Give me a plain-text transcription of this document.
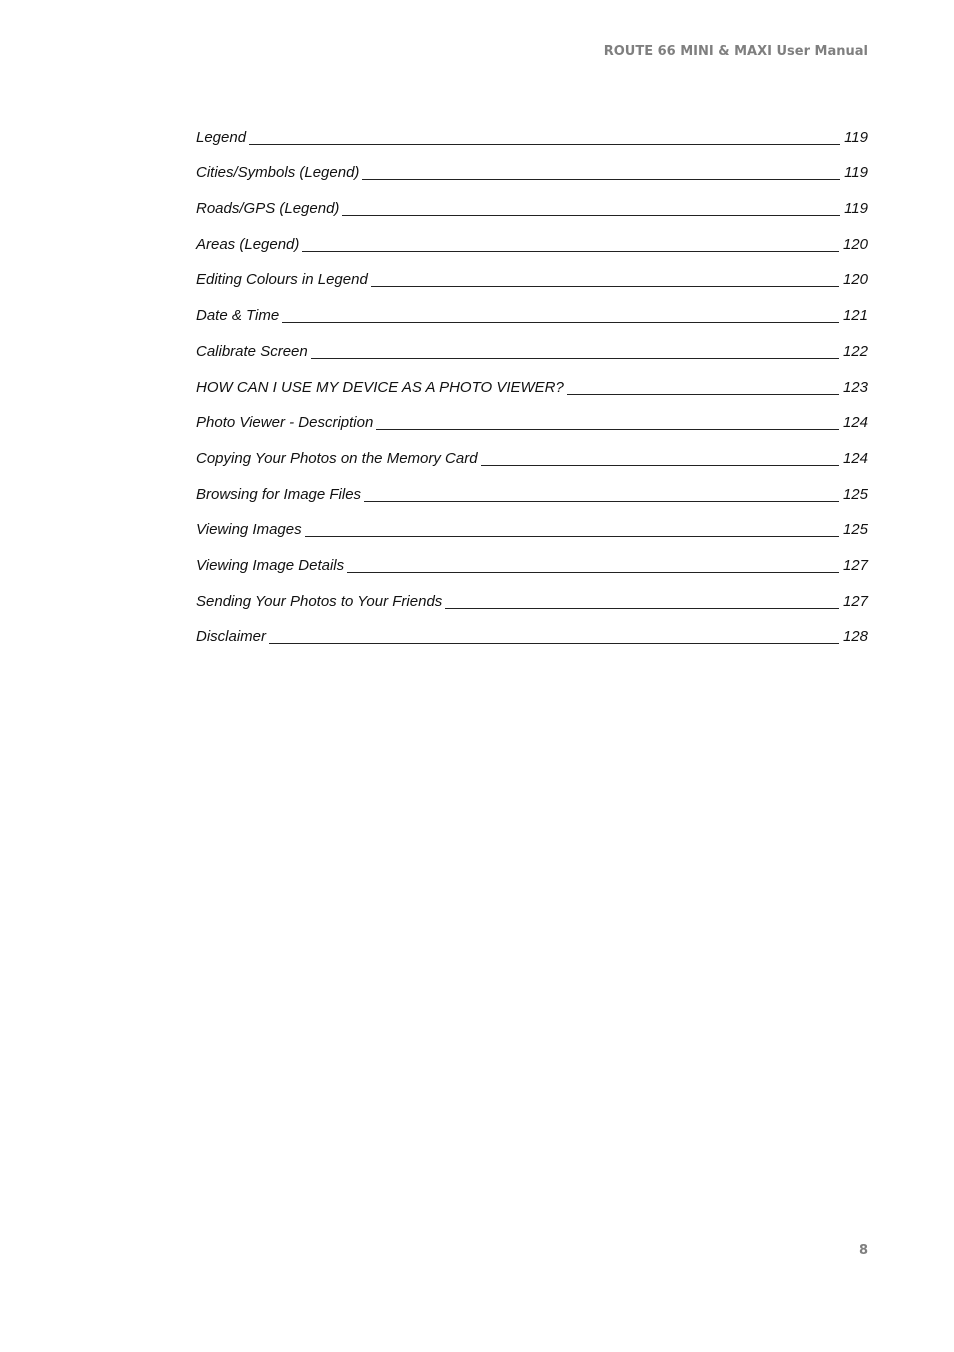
ROUTE 66 MINI & MAXI User Manual
Legend	119
Cities/Symbols (Legend)	119
Roads/GPS (Legend)	119
Areas (Legend)	120
Editing Colours in Legend	120
Date & Time	121
Calibrate Screen	122
HOW CAN I USE MY DEVICE AS A PHOTO VIEWER?	123
Photo Viewer - Description	124
Copying Your Photos on the Memory Card	124
Browsing for Image Files	125
Viewing Images	125
Viewing Image Details	127
Sending Your Photos to Your Friends	127
Disclaimer	128
8
